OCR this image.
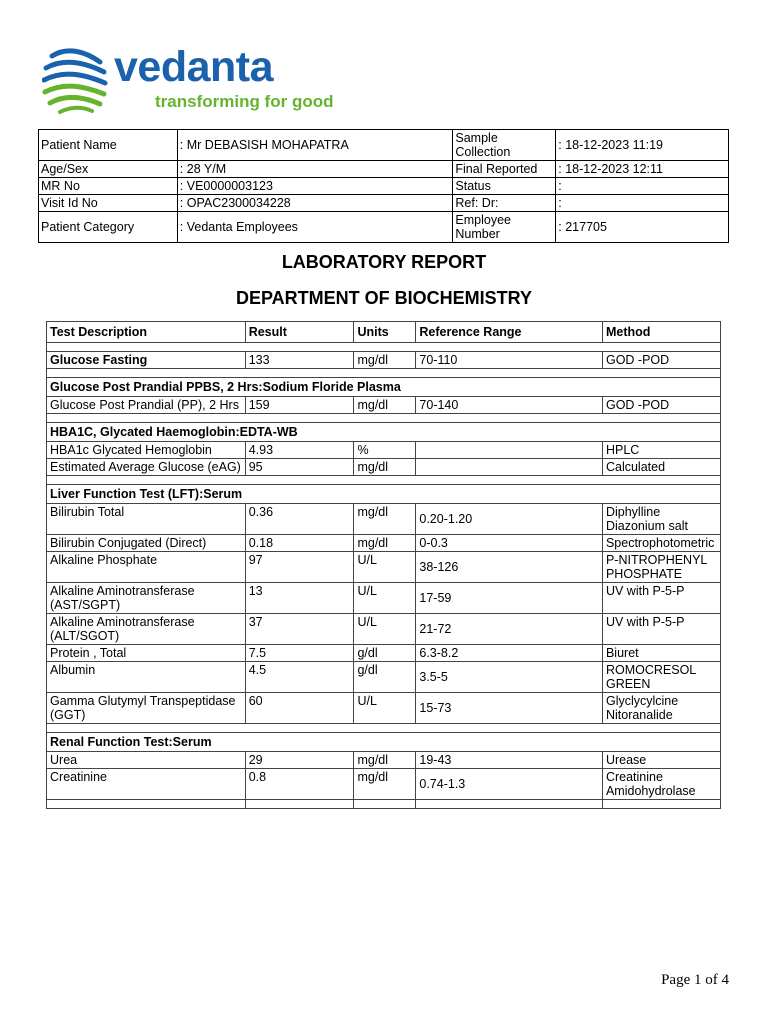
vedanta
transforming for good
Patient Name	: Mr DEBASISH MOHAPATRA	Sample Collection	: 18-12-2023 11:19
Age/Sex	: 28 Y/M	Final Reported	: 18-12-2023 12:11
MR No	: VE0000003123	Status	:
Visit Id No	: OPAC2300034228	Ref: Dr:	:
Patient Category	: Vedanta Employees	Employee Number	: 217705
LABORATORY REPORT
DEPARTMENT OF BIOCHEMISTRY
Test Description	Result	Units	Reference Range	Method

Glucose Fasting	133	mg/dl	70-110	GOD -POD

Glucose Post Prandial PPBS, 2 Hrs:Sodium Floride Plasma				
Glucose Post Prandial (PP), 2 Hrs	159	mg/dl	70-140	GOD -POD

HBA1C, Glycated Haemoglobin:EDTA-WB				
HBA1c Glycated Hemoglobin	4.93	%		HPLC
Estimated Average Glucose (eAG)	95	mg/dl		Calculated

Liver Function Test (LFT):Serum				
Bilirubin Total	0.36	mg/dl	0.20-1.20	Diphylline Diazonium salt
Bilirubin Conjugated (Direct)	0.18	mg/dl	0-0.3	Spectrophotometric
Alkaline Phosphate	97	U/L	38-126	P-NITROPHENYL PHOSPHATE
Alkaline Aminotransferase (AST/SGPT)	13	U/L	17-59	UV with P-5-P
Alkaline Aminotransferase (ALT/SGOT)	37	U/L	21-72	UV with P-5-P
Protein , Total	7.5	g/dl	6.3-8.2	Biuret
Albumin	4.5	g/dl	3.5-5	ROMOCRESOL GREEN
Gamma Glutymyl Transpeptidase (GGT)	60	U/L	15-73	Glyclycylcine Nitoranalide

Renal Function Test:Serum				
Urea	29	mg/dl	19-43	Urease
Creatinine	0.8	mg/dl	0.74-1.3	Creatinine Amidohydrolase

Page 1 of 4
